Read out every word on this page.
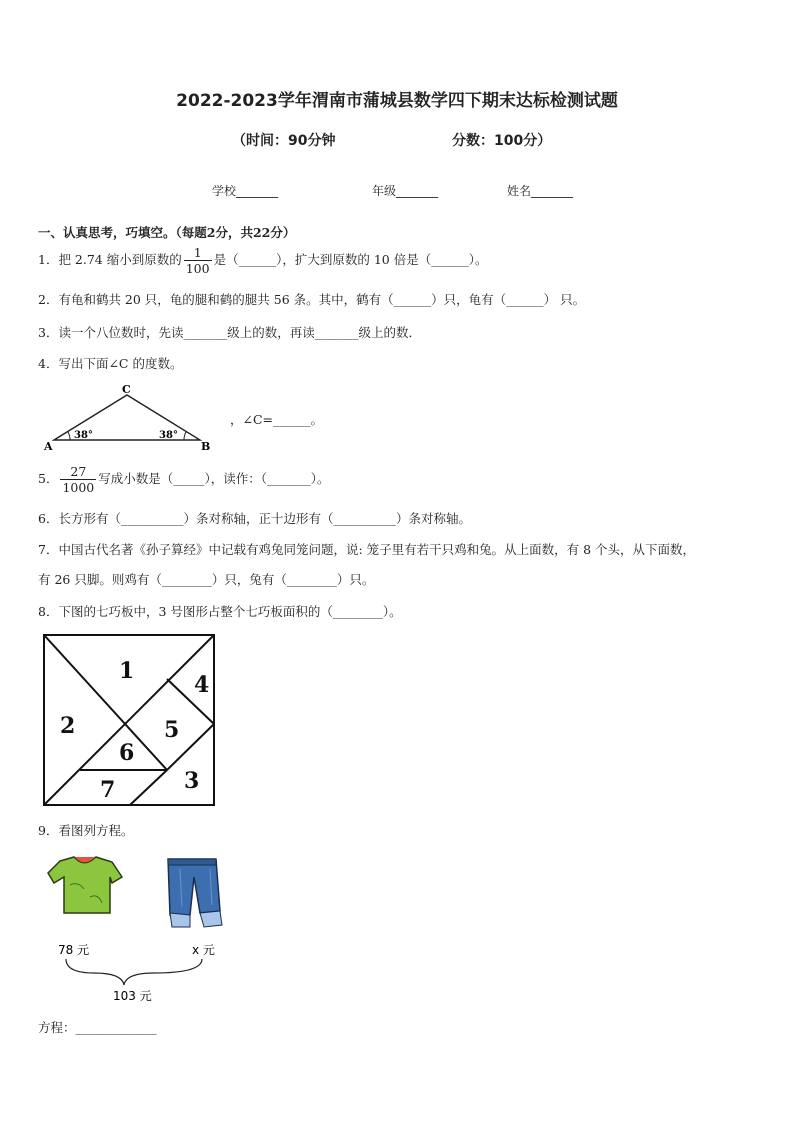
2022-2023学年渭南市蒲城县数学四下期末达标检测试题
（时间：90分钟	分数：100分）
学校_______	年级_______	姓名_______
一、认真思考，巧填空。（每题2分，共22分）
1．把 2.74 缩小到原数的 $\frac{1}{100}$ 是（______），扩大到原数的 10 倍是（______）。
2．有龟和鹤共 20 只，龟的腿和鹤的腿共 56 条。其中，鹤有（______）只，龟有（______） 只。
3．读一个八位数时，先读_______级上的数，再读_______级上的数．
4．写出下面∠C 的度数。
C
A	B
38°	38°
，∠C=______。
5． $\frac{27}{1000}$ 写成小数是（_____），读作：（_______）。
6．长方形有（__________）条对称轴，正十边形有（__________）条对称轴。
7．中国古代名著《孙子算经》中记载有鸡兔同笼问题，说: 笼子里有若干只鸡和兔。从上面数，有 8 个头，从下面数，
有 26 只脚。则鸡有（________）只，兔有（________）只。
8．下图的七巧板中，3 号图形占整个七巧板面积的（________）。
1
2
3
4
5
6
7
9．看图列方程。
78 元	x 元
103 元
方程：_____________
